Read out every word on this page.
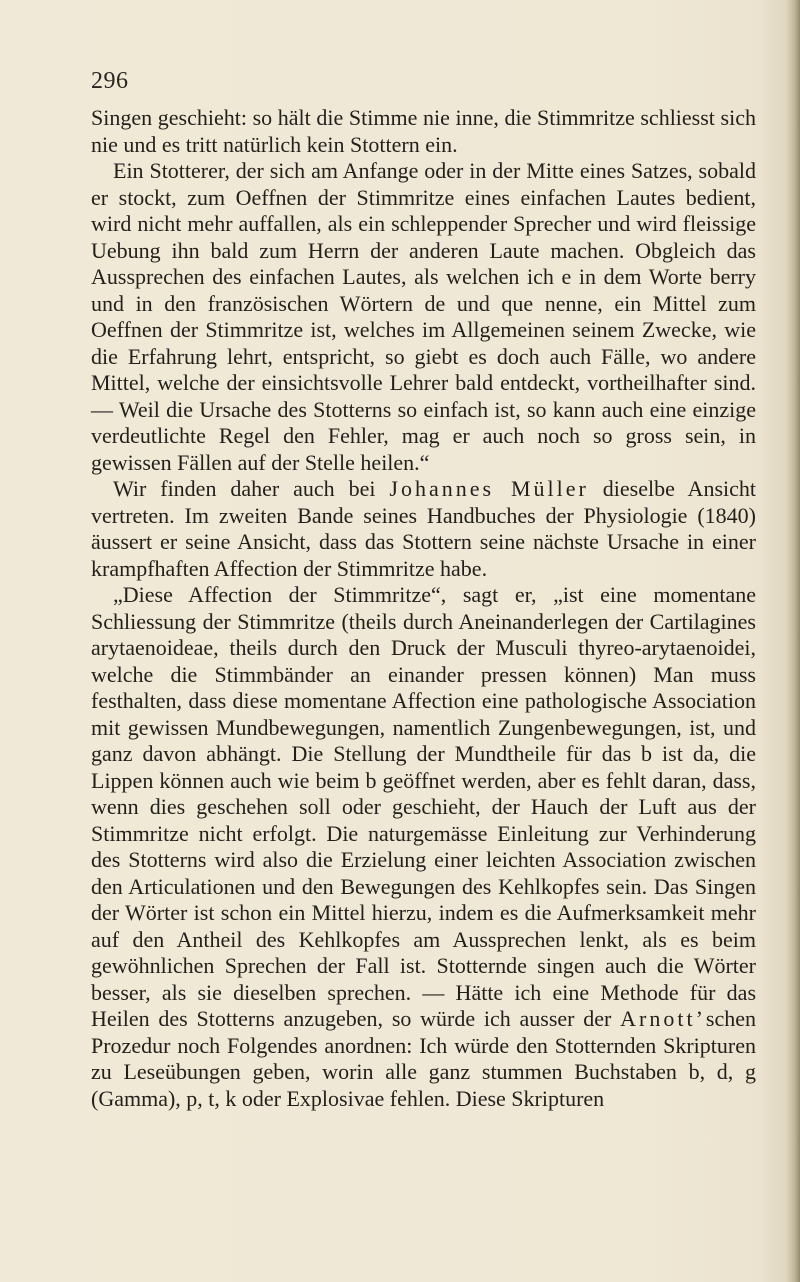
296

Singen geschieht: so hält die Stimme nie inne, die Stimmritze schliesst sich nie und es tritt natürlich kein Stottern ein.

Ein Stotterer, der sich am Anfange oder in der Mitte eines Satzes, sobald er stockt, zum Oeffnen der Stimmritze eines einfachen Lautes bedient, wird nicht mehr auffallen, als ein schleppender Sprecher und wird fleissige Uebung ihn bald zum Herrn der anderen Laute machen. Obgleich das Aussprechen des einfachen Lautes, als welchen ich e in dem Worte berry und in den französischen Wörtern de und que nenne, ein Mittel zum Oeffnen der Stimmritze ist, welches im Allgemeinen seinem Zwecke, wie die Erfahrung lehrt, entspricht, so giebt es doch auch Fälle, wo andere Mittel, welche der einsichtsvolle Lehrer bald entdeckt, vortheilhafter sind. — Weil die Ursache des Stotterns so einfach ist, so kann auch eine einzige verdeutlichte Regel den Fehler, mag er auch noch so gross sein, in gewissen Fällen auf der Stelle heilen.“

Wir finden daher auch bei Johannes Müller dieselbe Ansicht vertreten. Im zweiten Bande seines Handbuches der Physiologie (1840) äussert er seine Ansicht, dass das Stottern seine nächste Ursache in einer krampfhaften Affection der Stimmritze habe.

„Diese Affection der Stimmritze“, sagt er, „ist eine momentane Schliessung der Stimmritze (theils durch Aneinanderlegen der Cartilagines arytaenoideae, theils durch den Druck der Musculi thyreo-arytaenoidei, welche die Stimmbänder an einander pressen können) Man muss festhalten, dass diese momentane Affection eine pathologische Association mit gewissen Mundbewegungen, namentlich Zungenbewegungen, ist, und ganz davon abhängt. Die Stellung der Mundtheile für das b ist da, die Lippen können auch wie beim b geöffnet werden, aber es fehlt daran, dass, wenn dies geschehen soll oder geschieht, der Hauch der Luft aus der Stimmritze nicht erfolgt. Die naturgemässe Einleitung zur Verhinderung des Stotterns wird also die Erzielung einer leichten Association zwischen den Articulationen und den Bewegungen des Kehlkopfes sein. Das Singen der Wörter ist schon ein Mittel hierzu, indem es die Aufmerksamkeit mehr auf den Antheil des Kehlkopfes am Aussprechen lenkt, als es beim gewöhnlichen Sprechen der Fall ist. Stotternde singen auch die Wörter besser, als sie dieselben sprechen. — Hätte ich eine Methode für das Heilen des Stotterns anzugeben, so würde ich ausser der Arnott’schen Prozedur noch Folgendes anordnen: Ich würde den Stotternden Skripturen zu Leseübungen geben, worin alle ganz stummen Buchstaben b, d, g (Gamma), p, t, k oder Explosivae fehlen. Diese Skripturen
